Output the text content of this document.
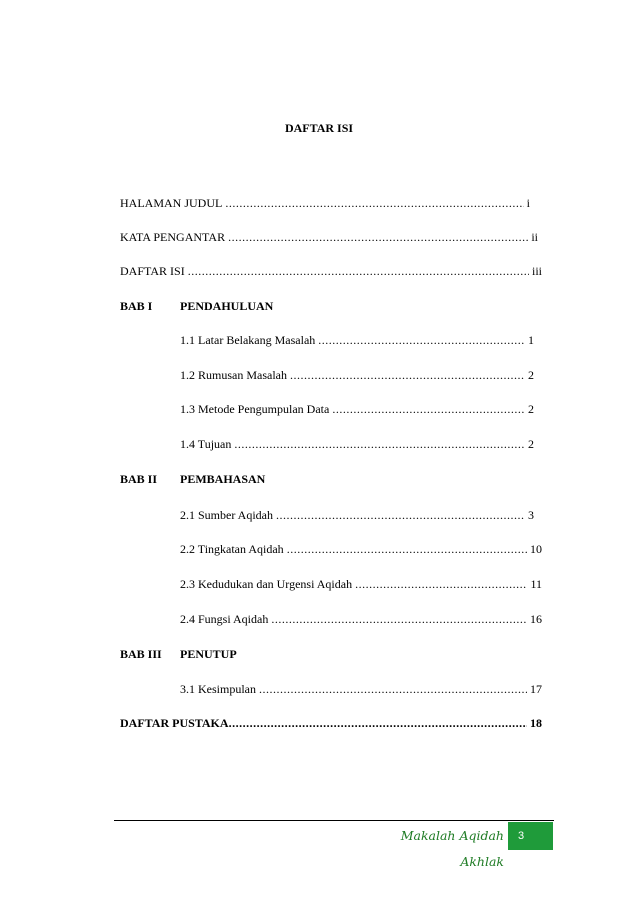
DAFTAR ISI
HALAMAN JUDUL .....	i
KATA PENGANTAR .....	ii
DAFTAR ISI .....	iii
BAB I	PENDAHULUAN
1.1 Latar Belakang Masalah .....	1
1.2 Rumusan Masalah .....	2
1.3 Metode Pengumpulan Data .....	2
1.4 Tujuan .....	2
BAB II	PEMBAHASAN
2.1 Sumber Aqidah .....	3
2.2 Tingkatan Aqidah .....	10
2.3 Kedudukan dan Urgensi Aqidah .....	11
2.4 Fungsi Aqidah .....	16
BAB III	PENUTUP
3.1 Kesimpulan .....	17
DAFTAR PUSTAKA .....	18
Makalah Aqidah Akhlak
3
